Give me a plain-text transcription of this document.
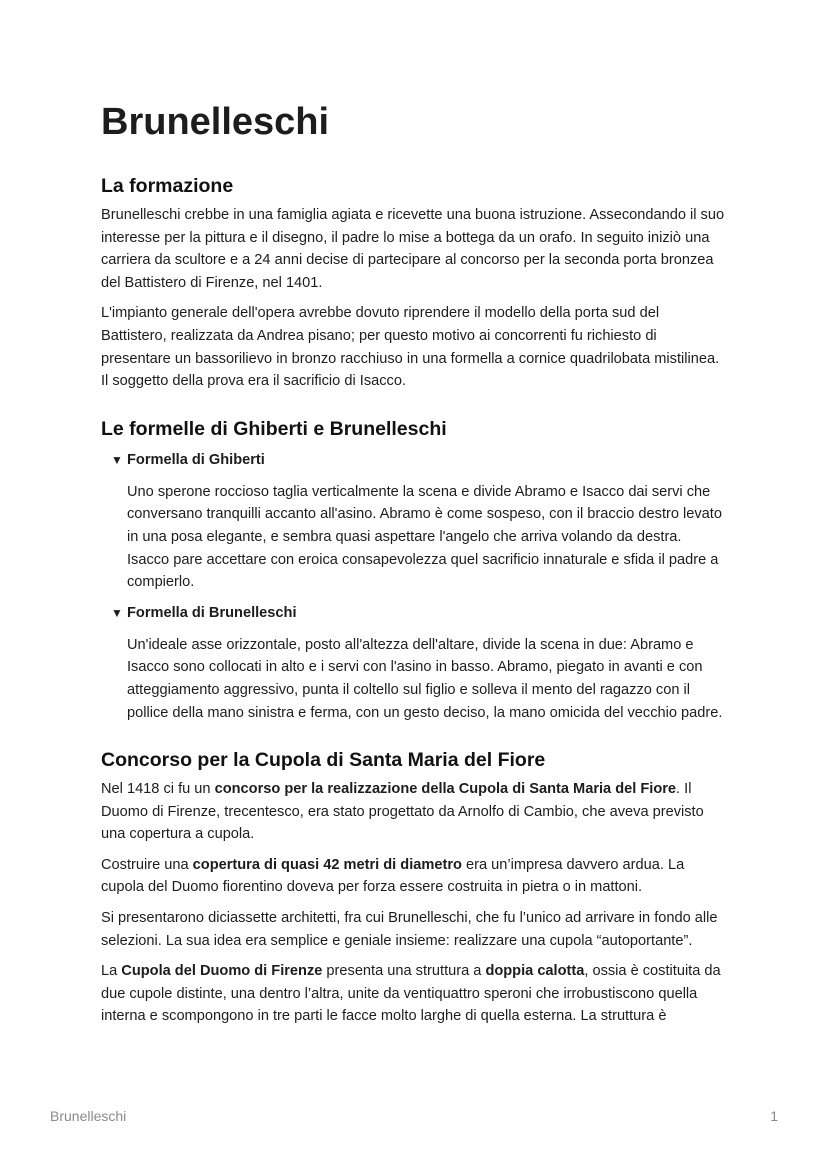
Brunelleschi
La formazione

Brunelleschi crebbe in una famiglia agiata e ricevette una buona istruzione. Assecondando il suo interesse per la pittura e il disegno, il padre lo mise a bottega da un orafo. In seguito iniziò una carriera da scultore e a 24 anni decise di partecipare al concorso per la seconda porta bronzea del Battistero di Firenze, nel 1401.

L'impianto generale dell'opera avrebbe dovuto riprendere il modello della porta sud del Battistero, realizzata da Andrea pisano; per questo motivo ai concorrenti fu richiesto di presentare un bassorilievo in bronzo racchiuso in una formella a cornice quadrilobata mistilinea. Il soggetto della prova era il sacrificio di Isacco.

Le formelle di Ghiberti e Brunelleschi
▼ Formella di Ghiberti

Uno sperone roccioso taglia verticalmente la scena e divide Abramo e Isacco dai servi che conversano tranquilli accanto all'asino. Abramo è come sospeso, con il braccio destro levato in una posa elegante, e sembra quasi aspettare l'angelo che arriva volando da destra. Isacco pare accettare con eroica consapevolezza quel sacrificio innaturale e sfida il padre a compierlo.

▼ Formella di Brunelleschi

Un'ideale asse orizzontale, posto all'altezza dell'altare, divide la scena in due: Abramo e Isacco sono collocati in alto e i servi con l'asino in basso. Abramo, piegato in avanti e con atteggiamento aggressivo, punta il coltello sul figlio e solleva il mento del ragazzo con il pollice della mano sinistra e ferma, con un gesto deciso, la mano omicida del vecchio padre.

Concorso per la Cupola di Santa Maria del Fiore

Nel 1418 ci fu un concorso per la realizzazione della Cupola di Santa Maria del Fiore. Il Duomo di Firenze, trecentesco, era stato progettato da Arnolfo di Cambio, che aveva previsto una copertura a cupola.

Costruire una copertura di quasi 42 metri di diametro era un’impresa davvero ardua. La cupola del Duomo fiorentino doveva per forza essere costruita in pietra o in mattoni.

Si presentarono diciassette architetti, fra cui Brunelleschi, che fu l’unico ad arrivare in fondo alle selezioni. La sua idea era semplice e geniale insieme: realizzare una cupola “autoportante”.

La Cupola del Duomo di Firenze presenta una struttura a doppia calotta, ossia è costituita da due cupole distinte, una dentro l’altra, unite da ventiquattro speroni che irrobustiscono quella interna e scompongono in tre parti le facce molto larghe di quella esterna. La struttura è

Brunelleschi	1
